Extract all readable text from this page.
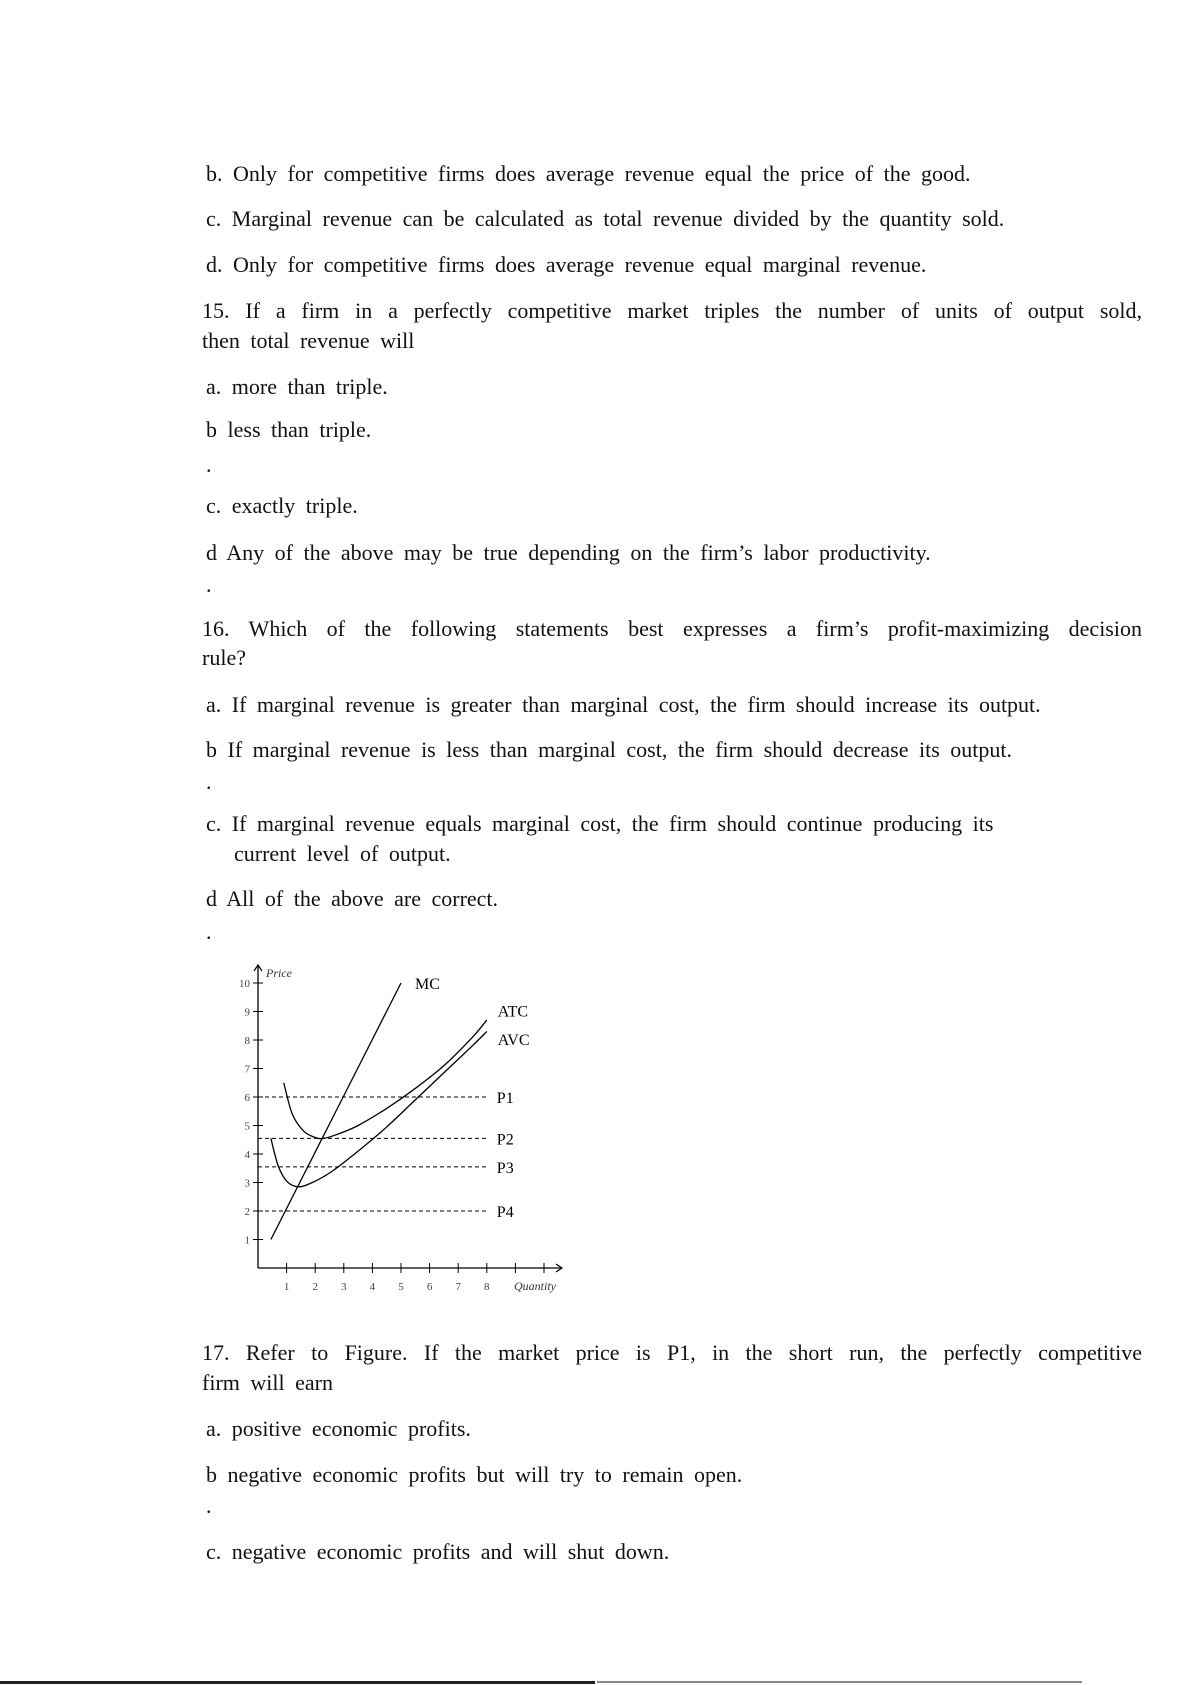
b. Only for competitive firms does average revenue equal the price of the good.
c. Marginal revenue can be calculated as total revenue divided by the quantity sold.
d. Only for competitive firms does average revenue equal marginal revenue.
15. If a firm in a perfectly competitive market triples the number of units of output sold,
then total revenue will
a. more than triple.
b less than triple.
.
c. exactly triple.
d Any of the above may be true depending on the firm’s labor productivity.
.
16. Which of the following statements best expresses a firm’s profit-maximizing decision
rule?
a. If marginal revenue is greater than marginal cost, the firm should increase its output.
b If marginal revenue is less than marginal cost, the firm should decrease its output.
.
c. If marginal revenue equals marginal cost, the firm should continue producing its
current level of output.
d All of the above are correct.
.
Price
Quantity
1
2
3
4
5
6
7
8
9
10
1 2 3 4 5 6 7 8
P1
P2
P3
P4
MC
ATC
AVC
17. Refer to Figure. If the market price is P1, in the short run, the perfectly competitive
firm will earn
a. positive economic profits.
b negative economic profits but will try to remain open.
.
c. negative economic profits and will shut down.
